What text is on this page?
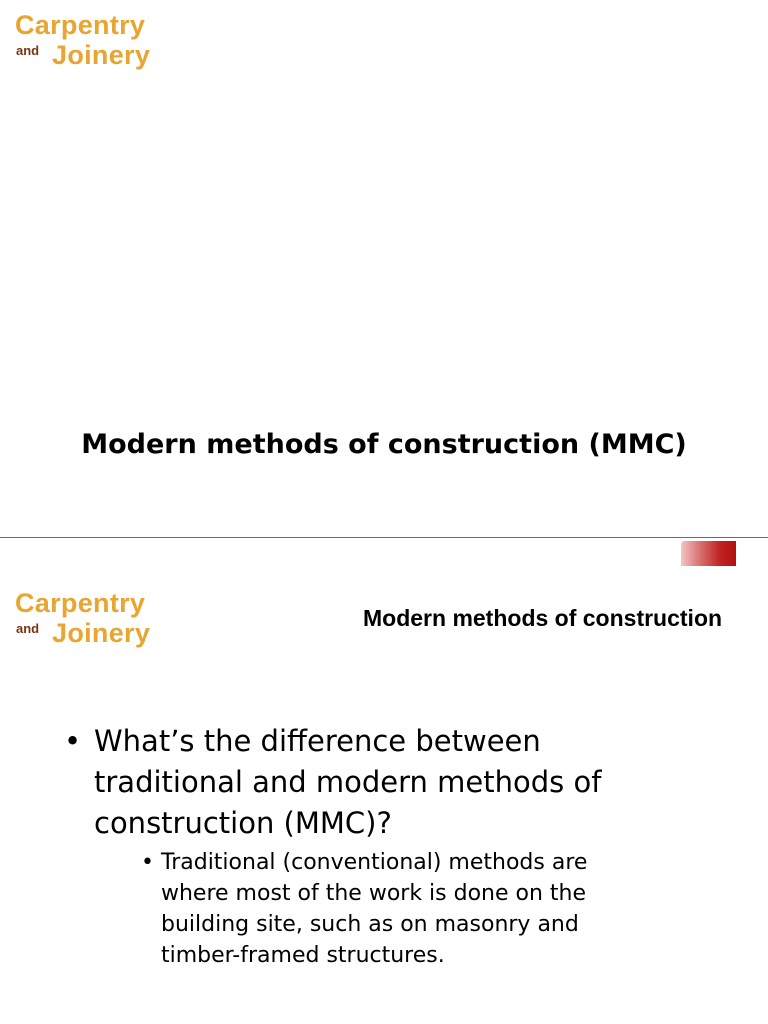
Carpentry
and Joinery
Modern methods of construction (MMC)
Carpentry
and Joinery	Modern methods of construction
• What’s the difference between traditional and modern methods of construction (MMC)?
• Traditional (conventional) methods are where most of the work is done on the building site, such as on masonry and timber-framed structures.
